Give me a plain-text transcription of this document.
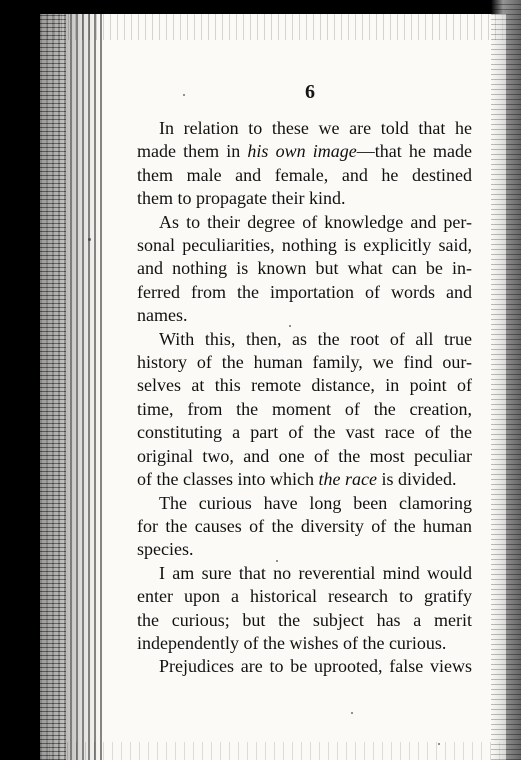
6
In relation to these we are told that he
made them in his own image—that he made
them male and female, and he destined
them to propagate their kind.
As to their degree of knowledge and per-
sonal peculiarities, nothing is explicitly said,
and nothing is known but what can be in-
ferred from the importation of words and
names.
With this, then, as the root of all true
history of the human family, we find our-
selves at this remote distance, in point of
time, from the moment of the creation,
constituting a part of the vast race of the
original two, and one of the most peculiar
of the classes into which the race is divided.
The curious have long been clamoring
for the causes of the diversity of the human
species.
I am sure that no reverential mind would
enter upon a historical research to gratify
the curious; but the subject has a merit
independently of the wishes of the curious.
Prejudices are to be uprooted, false views
